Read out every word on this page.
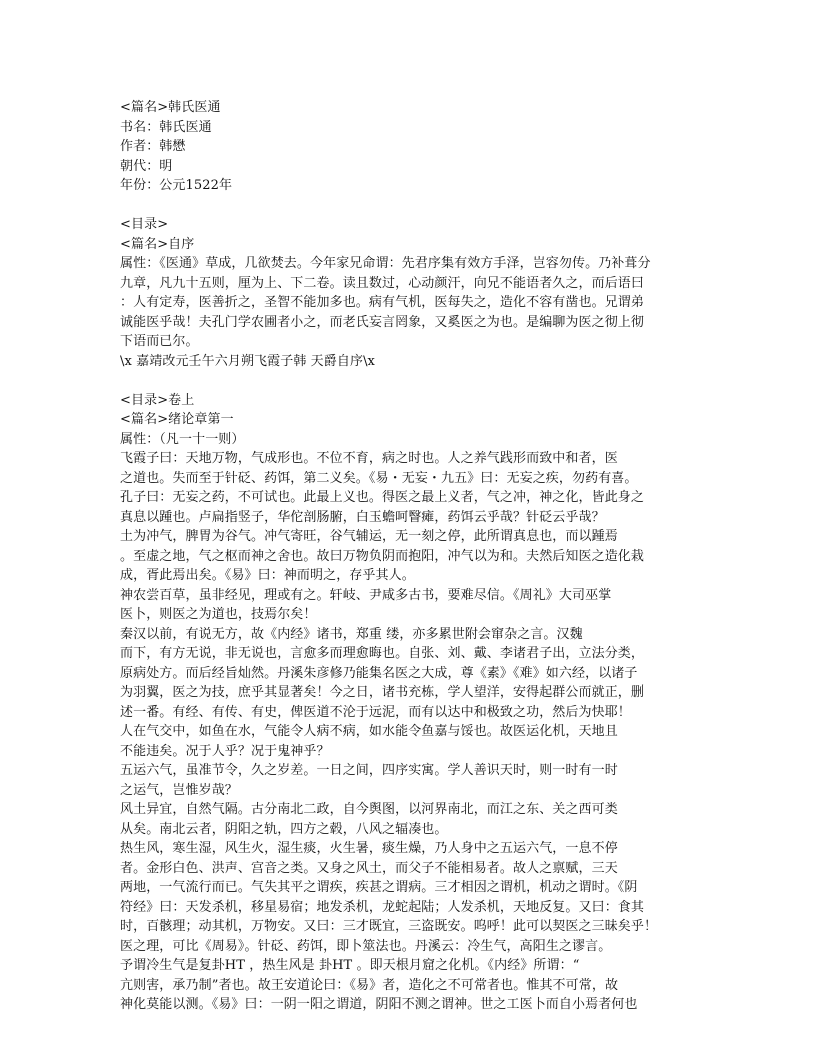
<篇名>韩氏医通
书名：韩氏医通
作者：韩懋
朝代：明
年份：公元1522年
<目录>
<篇名>自序
属性：《医通》草成，几欲焚去。今年家兄命谓：先君序集有效方手泽，岂容勿传。乃补葺分
九章，凡九十五则，厘为上、下二卷。读且数过，心动颜汗，向兄不能语者久之，而后语曰
：人有定寿，医善折之，圣智不能加多也。病有气机，医每失之，造化不容有凿也。兄谓弟
诚能医乎哉！夫孔门学农圃者小之，而老氏妄言罔象，又奚医之为也。是编聊为医之彻上彻
下语而已尔。
\x 嘉靖改元壬午六月朔飞霞子韩 天爵自序\x
<目录>卷上
<篇名>绪论章第一
属性：（凡一十一则）
飞霞子曰：天地万物，气成形也。不位不育，病之时也。人之养气践形而致中和者，医
之道也。失而至于针砭、药饵，第二义矣。《易・无妄・九五》曰：无妄之疾，勿药有喜。
孔子曰：无妄之药，不可试也。此最上义也。得医之最上义者，气之冲，神之化，皆此身之
真息以踵也。卢扁指竖子，华佗剖肠腑，白玉蟾呵瞖瘫，药饵云乎哉？针砭云乎哉？
土为冲气，脾胃为谷气。冲气寄旺，谷气辅运，无一刻之停，此所谓真息也，而以踵焉
。至虚之地，气之枢而神之舍也。故曰万物负阴而抱阳，冲气以为和。夫然后知医之造化栽
成，胥此焉出矣。《易》曰：神而明之，存乎其人。
神农尝百草，虽非经见，理或有之。轩岐、尹咸多古书，要难尽信。《周礼》大司巫掌
医卜，则医之为道也，技焉尔矣！
秦汉以前，有说无方，故《内经》诸书，郑重 缕，亦多累世附会窜杂之言。汉魏
而下，有方无说，非无说也，言愈多而理愈晦也。自张、刘、戴、李诸君子出，立法分类，
原病处方。而后经旨灿然。丹溪朱彦修乃能集名医之大成，尊《素》《难》如六经，以诸子
为羽翼，医之为技，庶乎其显著矣！今之日，诸书充栋，学人望洋，安得起群公而就正，删
述一番。有经、有传、有史，俾医道不沦于远泥，而有以达中和极致之功，然后为快耶！
人在气交中，如鱼在水，气能令人病不病，如水能令鱼嘉与馁也。故医运化机，天地且
不能违矣。况于人乎？况于鬼神乎？
五运六气，虽准节令，久之岁差。一日之间，四序实寓。学人善识天时，则一时有一时
之运气，岂惟岁哉？
风土异宜，自然气隔。古分南北二政，自今舆图，以河界南北，而江之东、关之西可类
从矣。南北云者，阴阳之轨，四方之毂，八风之辐凑也。
热生风，寒生湿，风生火，湿生痰，火生暑，痰生燥，乃人身中之五运六气，一息不停
者。金形白色、洪声、宫音之类。又身之风土，而父子不能相易者。故人之禀赋，三天
两地，一气流行而已。气失其平之谓疾，疾甚之谓病。三才相因之谓机，机动之谓时。《阴
符经》曰：天发杀机，移星易宿；地发杀机，龙蛇起陆；人发杀机，天地反复。又曰：食其
时，百骸理；动其机，万物安。又曰：三才既宜，三盗既安。呜呼！此可以契医之三昧矣乎！
医之理，可比《周易》。针砭、药饵，即卜筮法也。丹溪云：冷生气，高阳生之谬言。
予谓冷生气是复卦HT ，热生风是 卦HT 。即天根月窟之化机。《内经》所谓：“
亢则害，承乃制”者也。故王安道论曰：《易》者，造化之不可常者也。惟其不可常，故
神化莫能以测。《易》曰：一阴一阳之谓道，阴阳不测之谓神。世之工医卜而自小焉者何也
